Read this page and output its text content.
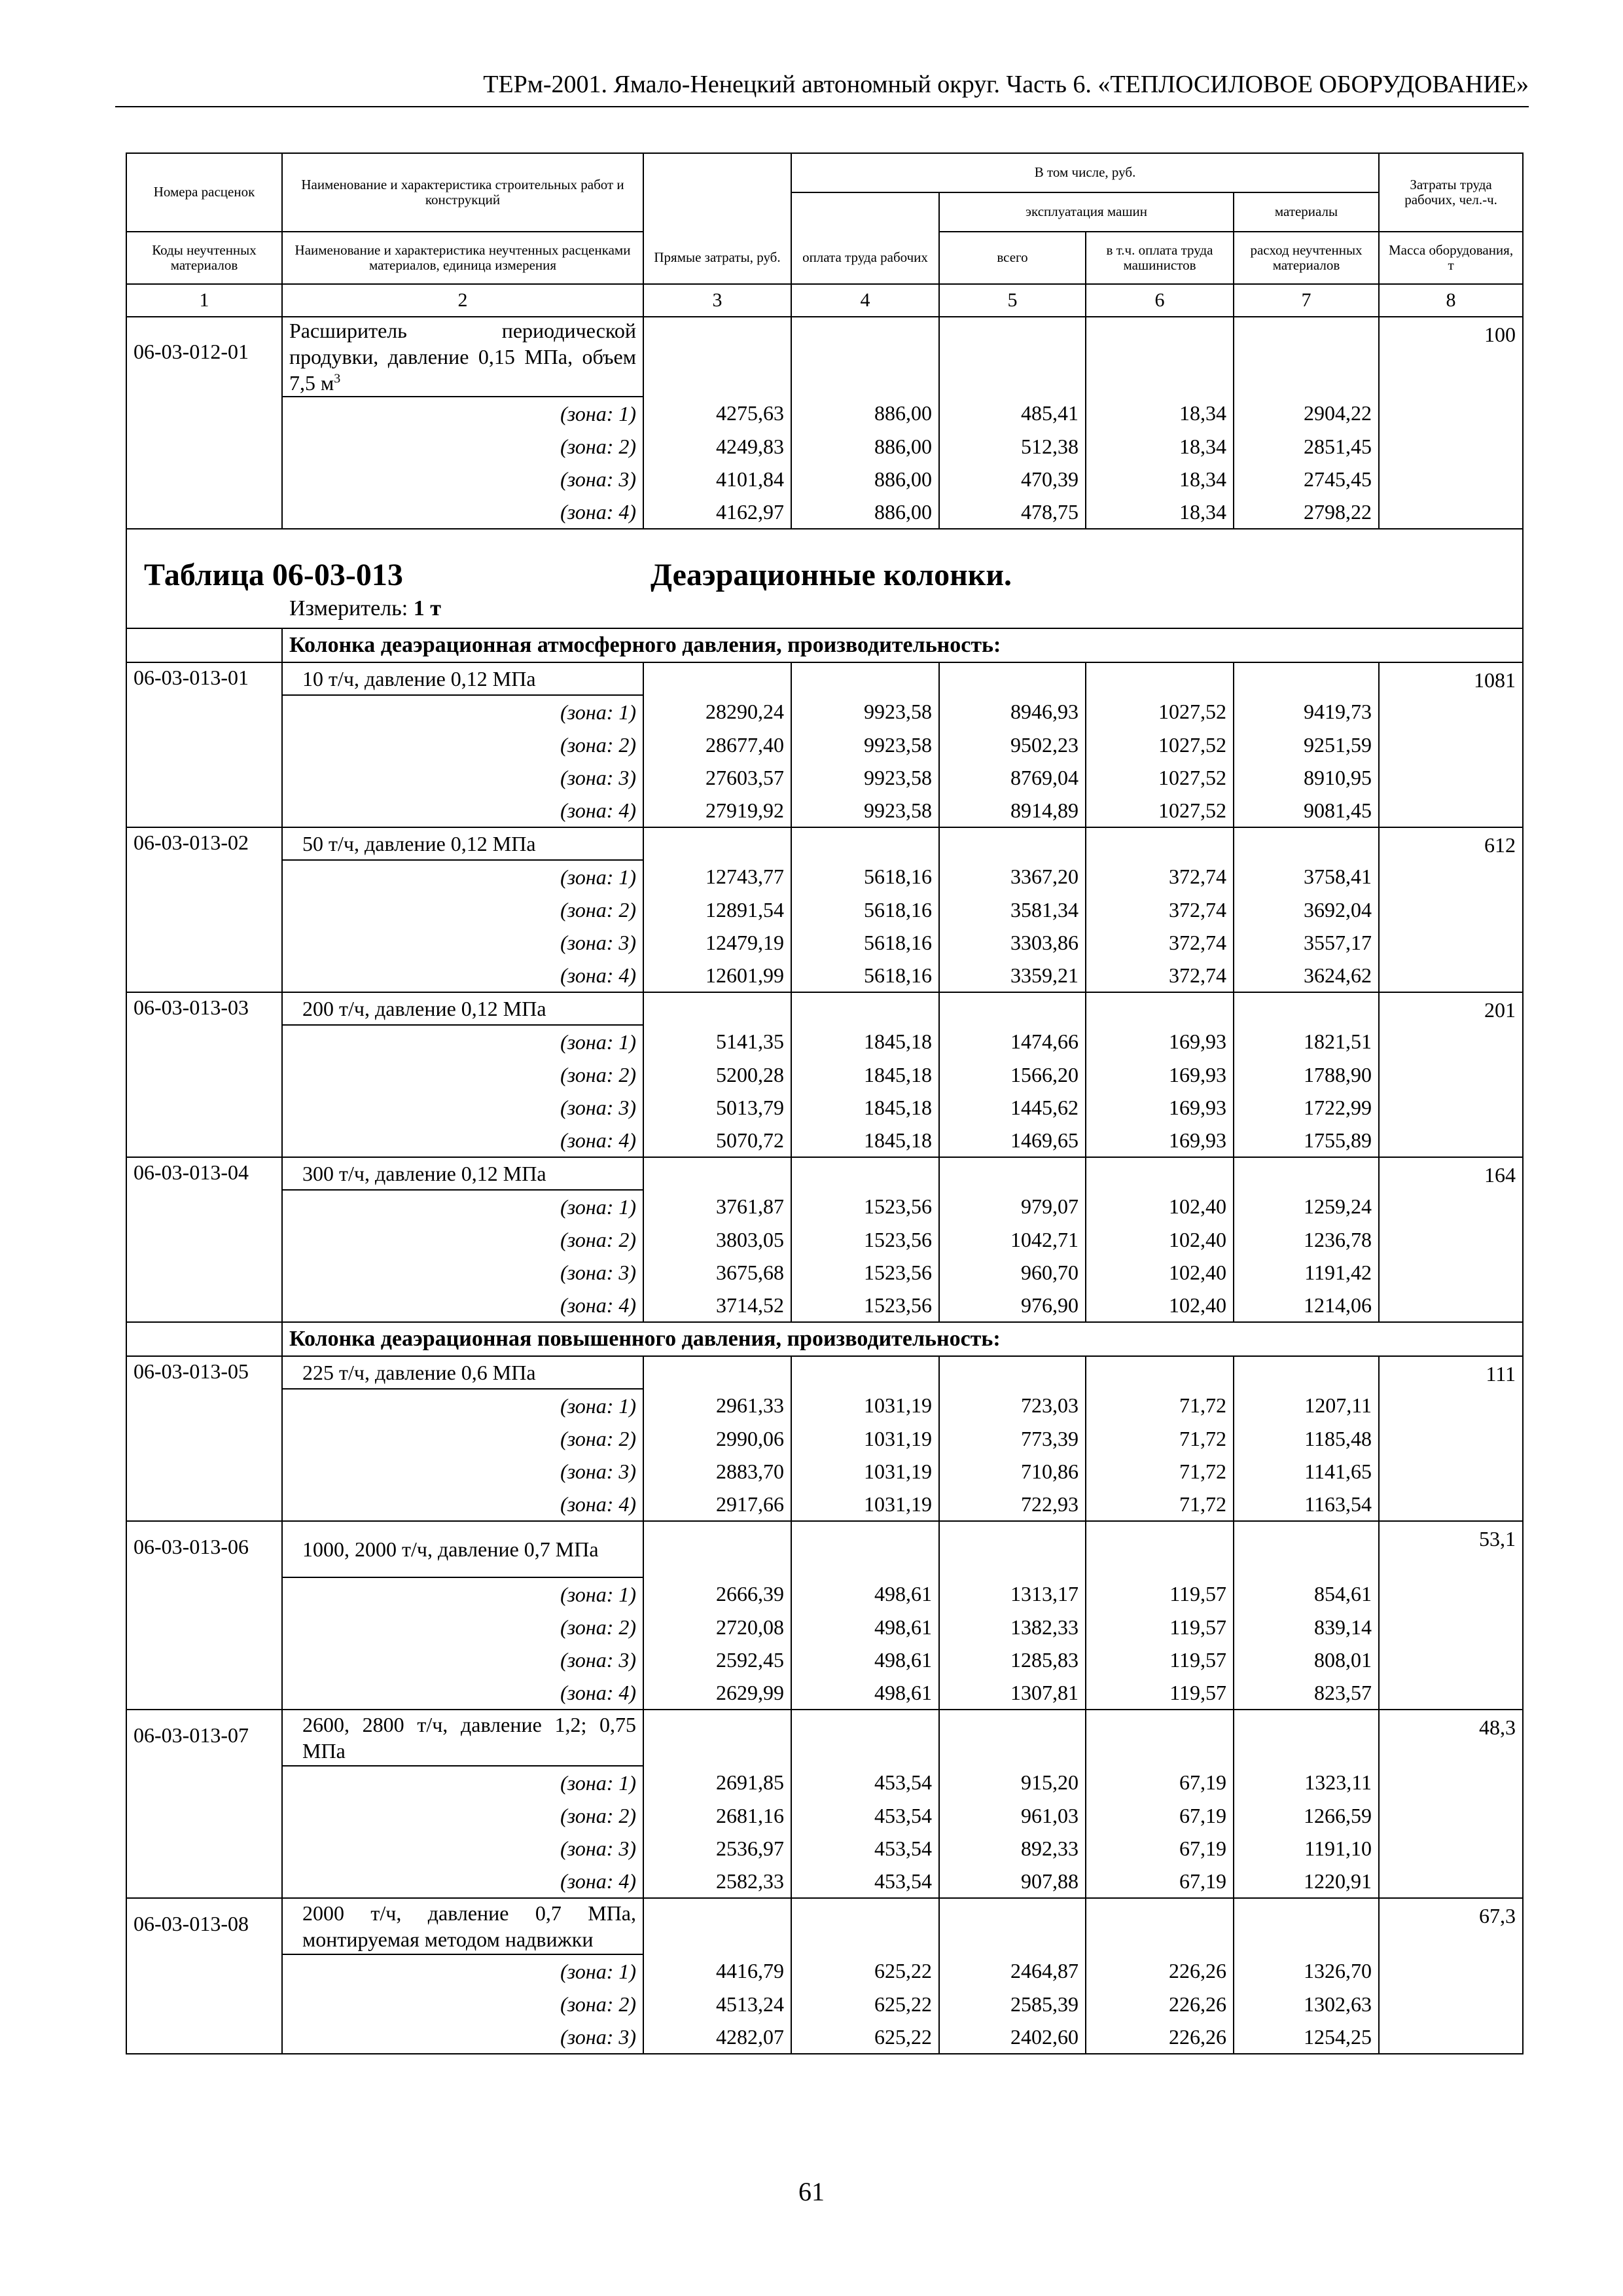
ТЕРм-2001. Ямало-Ненецкий автономный округ. Часть 6. «ТЕПЛОСИЛОВОЕ ОБОРУДОВАНИЕ»
Номера расценок	Наименование и характеристика строительных работ и конструкций		В том числе, руб.				Затраты труда рабочих, чел.-ч.
				эксплуатация машин		материалы	
Коды неучтенных материалов	Наименование и характеристика неучтенных расценками материалов, единица измерения	Прямые затраты, руб.	оплата труда рабочих	всего	в т.ч. оплата труда машинистов	расход неучтенных материалов	Масса оборудования, т
1	2	3	4	5	6	7	8
06-03-012-01	Расширитель периодической продувки, давление 0,15 МПа, объем 7,5 $м^3$						100
	(зона: 1)	4275,63	886,00	485,41	18,34	2904,22	
	(зона: 2)	4249,83	886,00	512,38	18,34	2851,45	
	(зона: 3)	4101,84	886,00	470,39	18,34	2745,45	
	(зона: 4)	4162,97	886,00	478,75	18,34	2798,22	

Таблица 06-03-013 Деаэрационные колонки.
Измеритель: 1 т							

	Колонка деаэрационная атмосферного давления, производительность:						
06-03-013-01	10 т/ч, давление 0,12 МПа						1081
	(зона: 1)	28290,24	9923,58	8946,93	1027,52	9419,73	
	(зона: 2)	28677,40	9923,58	9502,23	1027,52	9251,59	
	(зона: 3)	27603,57	9923,58	8769,04	1027,52	8910,95	
	(зона: 4)	27919,92	9923,58	8914,89	1027,52	9081,45	
06-03-013-02	50 т/ч, давление 0,12 МПа						612
	(зона: 1)	12743,77	5618,16	3367,20	372,74	3758,41	
	(зона: 2)	12891,54	5618,16	3581,34	372,74	3692,04	
	(зона: 3)	12479,19	5618,16	3303,86	372,74	3557,17	
	(зона: 4)	12601,99	5618,16	3359,21	372,74	3624,62	
06-03-013-03	200 т/ч, давление 0,12 МПа						201
	(зона: 1)	5141,35	1845,18	1474,66	169,93	1821,51	
	(зона: 2)	5200,28	1845,18	1566,20	169,93	1788,90	
	(зона: 3)	5013,79	1845,18	1445,62	169,93	1722,99	
	(зона: 4)	5070,72	1845,18	1469,65	169,93	1755,89	
06-03-013-04	300 т/ч, давление 0,12 МПа						164
	(зона: 1)	3761,87	1523,56	979,07	102,40	1259,24	
	(зона: 2)	3803,05	1523,56	1042,71	102,40	1236,78	
	(зона: 3)	3675,68	1523,56	960,70	102,40	1191,42	
	(зона: 4)	3714,52	1523,56	976,90	102,40	1214,06	
	Колонка деаэрационная повышенного давления, производительность:						
06-03-013-05	225 т/ч, давление 0,6 МПа						111
	(зона: 1)	2961,33	1031,19	723,03	71,72	1207,11	
	(зона: 2)	2990,06	1031,19	773,39	71,72	1185,48	
	(зона: 3)	2883,70	1031,19	710,86	71,72	1141,65	
	(зона: 4)	2917,66	1031,19	722,93	71,72	1163,54	
06-03-013-06	1000, 2000 т/ч, давление 0,7 МПа						53,1
	(зона: 1)	2666,39	498,61	1313,17	119,57	854,61	
	(зона: 2)	2720,08	498,61	1382,33	119,57	839,14	
	(зона: 3)	2592,45	498,61	1285,83	119,57	808,01	
	(зона: 4)	2629,99	498,61	1307,81	119,57	823,57	
06-03-013-07	2600, 2800 т/ч, давление 1,2; 0,75 МПа						48,3
	(зона: 1)	2691,85	453,54	915,20	67,19	1323,11	
	(зона: 2)	2681,16	453,54	961,03	67,19	1266,59	
	(зона: 3)	2536,97	453,54	892,33	67,19	1191,10	
	(зона: 4)	2582,33	453,54	907,88	67,19	1220,91	
06-03-013-08	2000 т/ч, давление 0,7 МПа, монтируемая методом надвижки						67,3
	(зона: 1)	4416,79	625,22	2464,87	226,26	1326,70	
	(зона: 2)	4513,24	625,22	2585,39	226,26	1302,63	
	(зона: 3)	4282,07	625,22	2402,60	226,26	1254,25	
61
